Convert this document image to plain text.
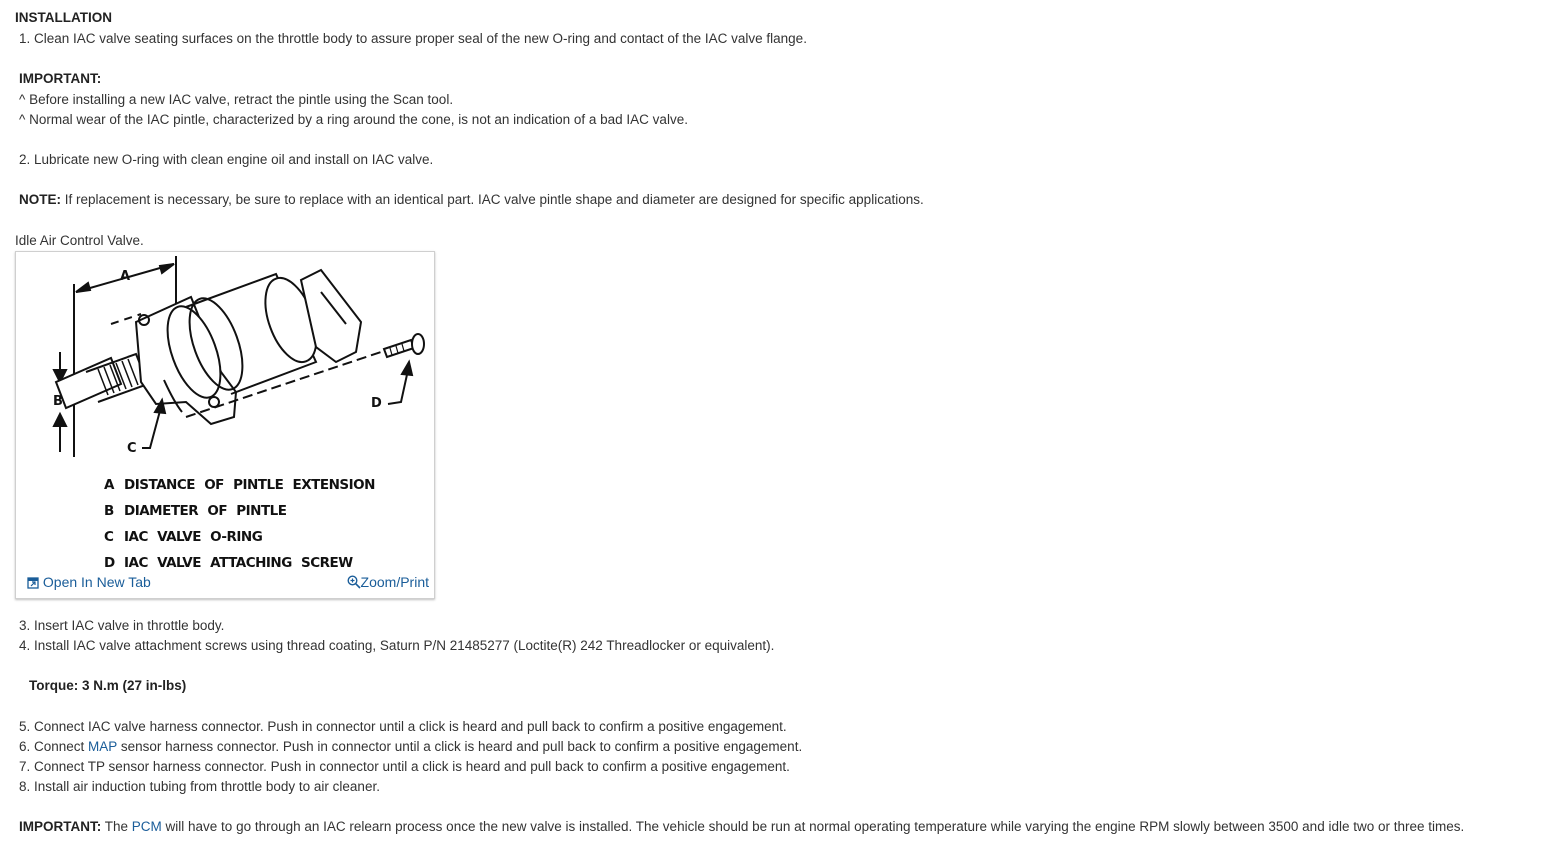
INSTALLATION
1. Clean IAC valve seating surfaces on the throttle body to assure proper seal of the new O-ring and contact of the IAC valve flange.
IMPORTANT:
^ Before installing a new IAC valve, retract the pintle using the Scan tool.
^ Normal wear of the IAC pintle, characterized by a ring around the cone, is not an indication of a bad IAC valve.
2. Lubricate new O-ring with clean engine oil and install on IAC valve.
NOTE: If replacement is necessary, be sure to replace with an identical part. IAC valve pintle shape and diameter are designed for specific applications.
Idle Air Control Valve.
A
B
C
D
A DISTANCE OF PINTLE EXTENSION
B DIAMETER OF PINTLE
C IAC VALVE O-RING
D IAC VALVE ATTACHING SCREW
Open In New Tab	Zoom/Print
3. Insert IAC valve in throttle body.
4. Install IAC valve attachment screws using thread coating, Saturn P/N 21485277 (Loctite(R) 242 Threadlocker or equivalent).
Torque: 3 N.m (27 in-lbs)
5. Connect IAC valve harness connector. Push in connector until a click is heard and pull back to confirm a positive engagement.
6. Connect MAP sensor harness connector. Push in connector until a click is heard and pull back to confirm a positive engagement.
7. Connect TP sensor harness connector. Push in connector until a click is heard and pull back to confirm a positive engagement.
8. Install air induction tubing from throttle body to air cleaner.
IMPORTANT: The PCM will have to go through an IAC relearn process once the new valve is installed. The vehicle should be run at normal operating temperature while varying the engine RPM slowly between 3500 and idle two or three times.
